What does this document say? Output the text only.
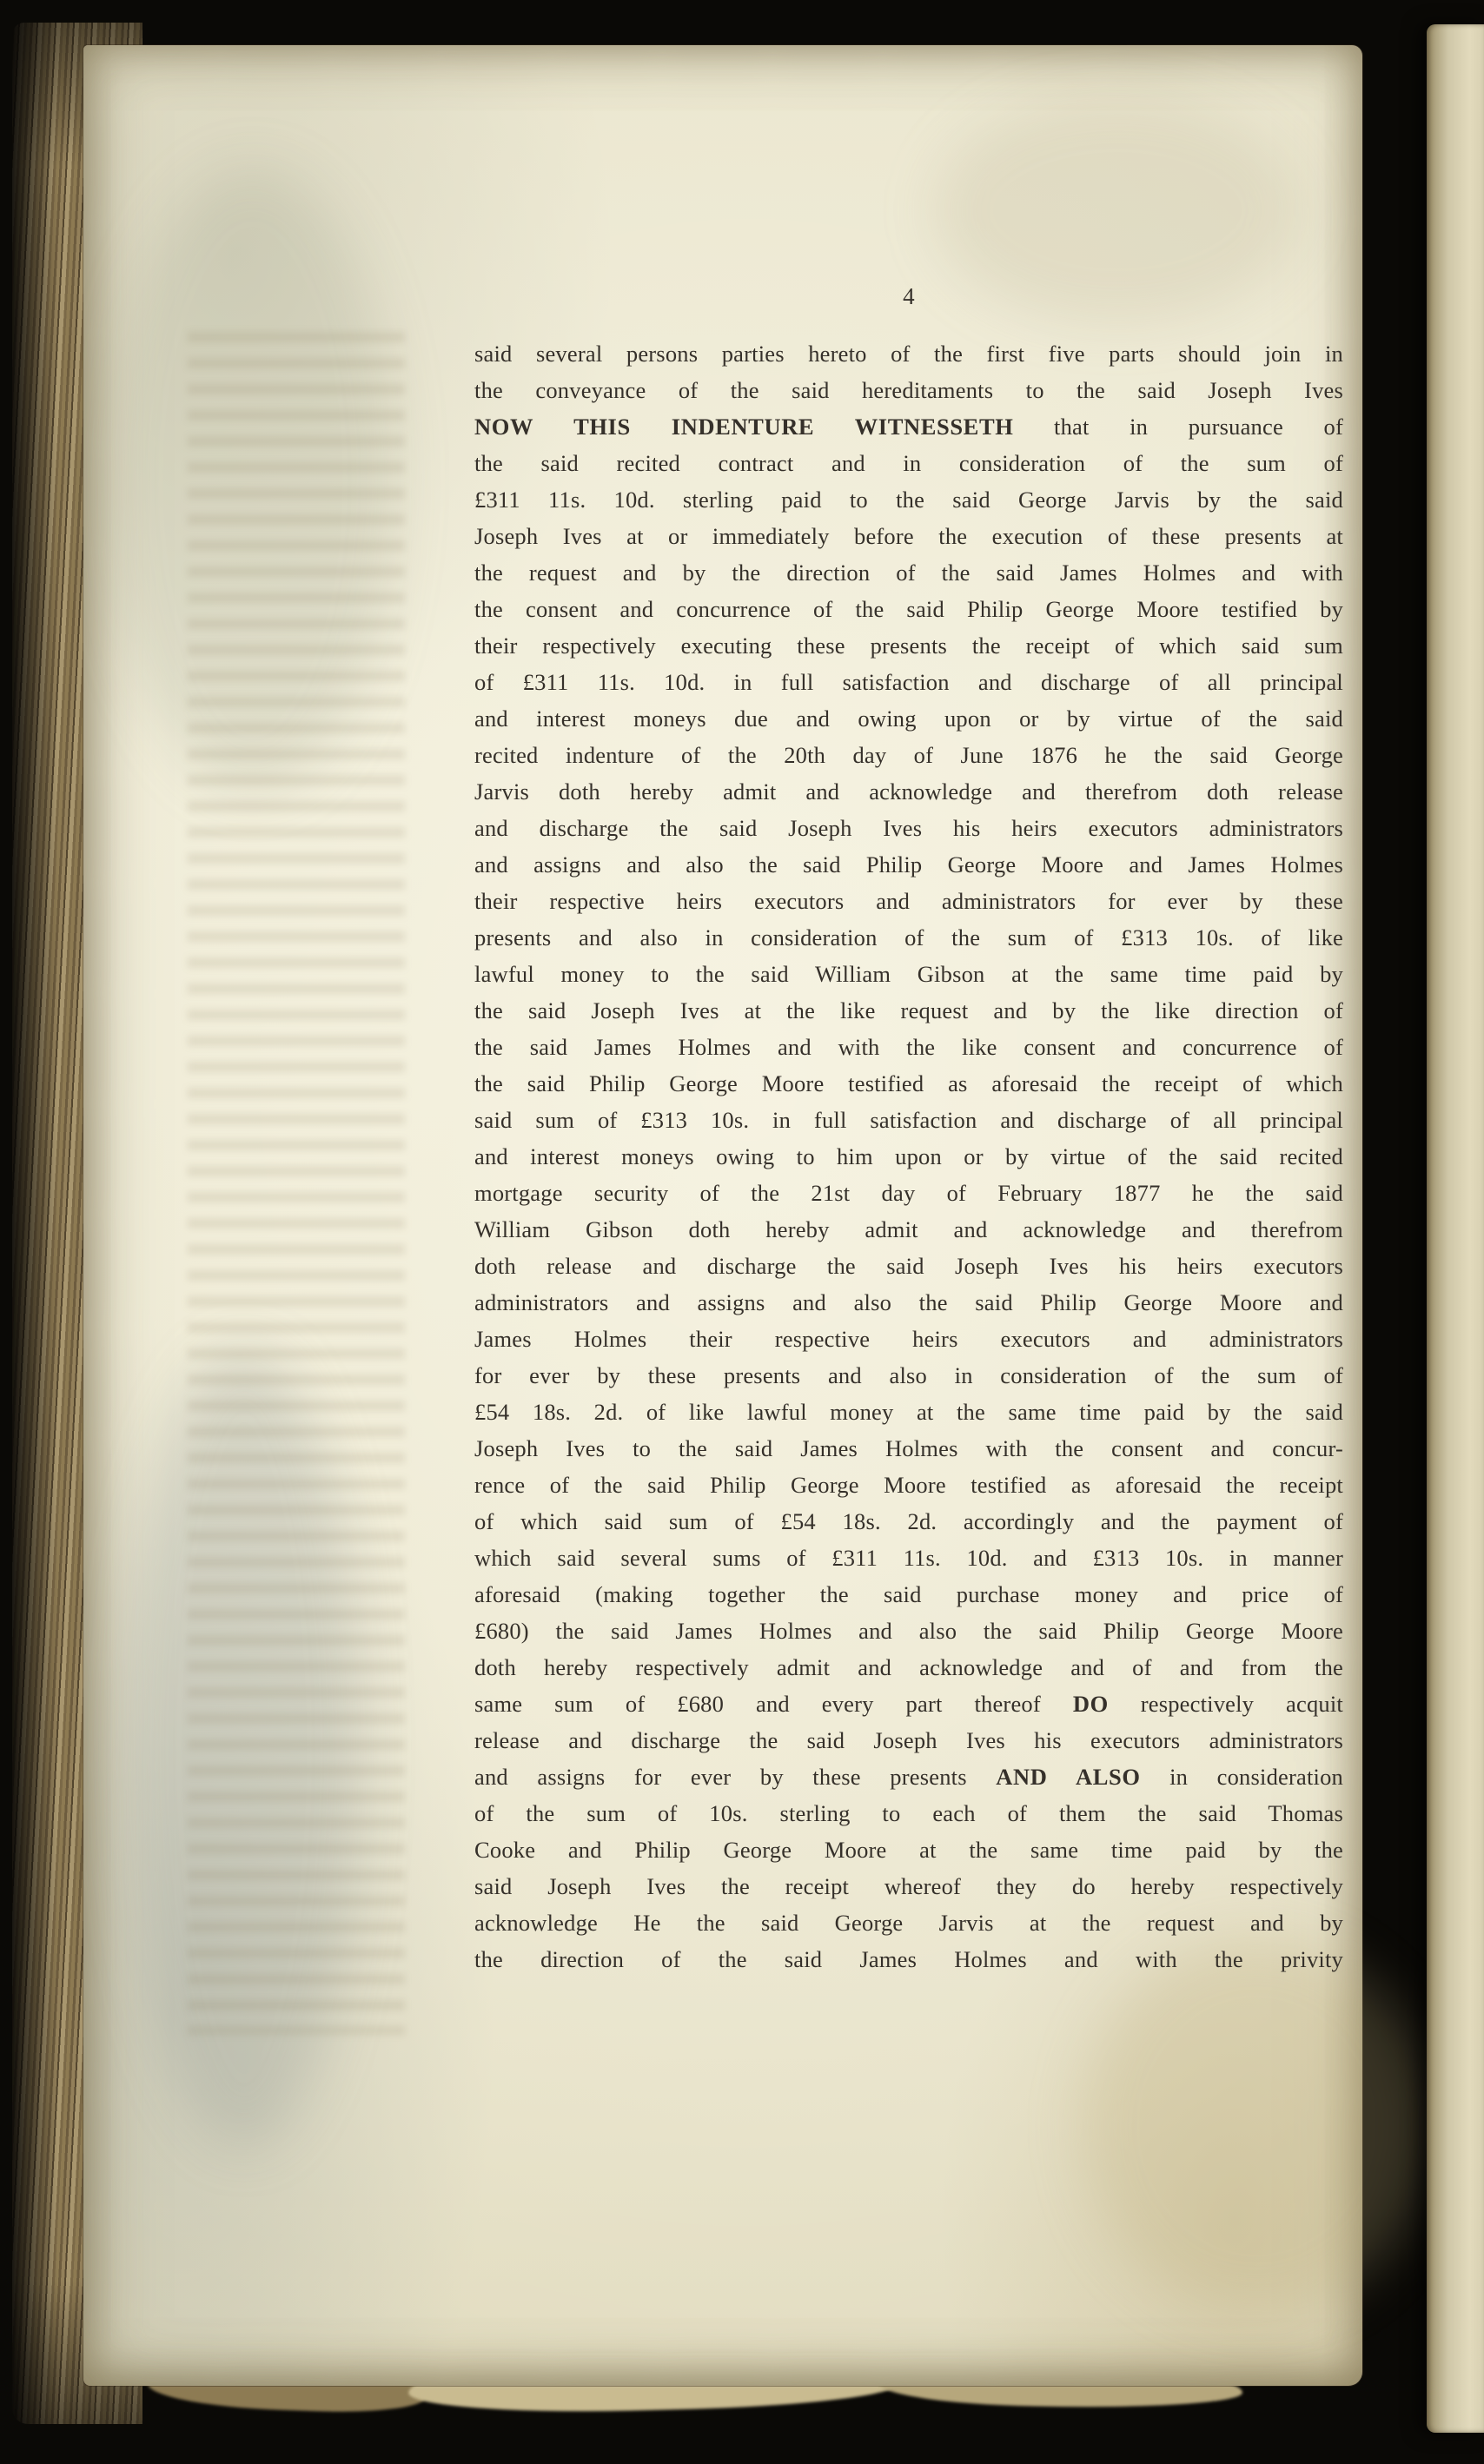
4
said several persons parties hereto of the first five parts should join in
the conveyance of the said hereditaments to the said Joseph Ives
NOW THIS INDENTURE WITNESSETH that in pursuance of
the said recited contract and in consideration of the sum of
£311 11s. 10d. sterling paid to the said George Jarvis by the said
Joseph Ives at or immediately before the execution of these presents at
the request and by the direction of the said James Holmes and with
the consent and concurrence of the said Philip George Moore testified by
their respectively executing these presents the receipt of which said sum
of £311 11s. 10d. in full satisfaction and discharge of all principal
and interest moneys due and owing upon or by virtue of the said
recited indenture of the 20th day of June 1876 he the said George
Jarvis doth hereby admit and acknowledge and therefrom doth release
and discharge the said Joseph Ives his heirs executors administrators
and assigns and also the said Philip George Moore and James Holmes
their respective heirs executors and administrators for ever by these
presents and also in consideration of the sum of £313 10s. of like
lawful money to the said William Gibson at the same time paid by
the said Joseph Ives at the like request and by the like direction of
the said James Holmes and with the like consent and concurrence of
the said Philip George Moore testified as aforesaid the receipt of which
said sum of £313 10s. in full satisfaction and discharge of all principal
and interest moneys owing to him upon or by virtue of the said recited
mortgage security of the 21st day of February 1877 he the said
William Gibson doth hereby admit and acknowledge and therefrom
doth release and discharge the said Joseph Ives his heirs executors
administrators and assigns and also the said Philip George Moore and
James Holmes their respective heirs executors and administrators
for ever by these presents and also in consideration of the sum of
£54 18s. 2d. of like lawful money at the same time paid by the said
Joseph Ives to the said James Holmes with the consent and concur-
rence of the said Philip George Moore testified as aforesaid the receipt
of which said sum of £54 18s. 2d. accordingly and the payment of
which said several sums of £311 11s. 10d. and £313 10s. in manner
aforesaid (making together the said purchase money and price of
£680) the said James Holmes and also the said Philip George Moore
doth hereby respectively admit and acknowledge and of and from the
same sum of £680 and every part thereof DO respectively acquit
release and discharge the said Joseph Ives his executors administrators
and assigns for ever by these presents AND ALSO in consideration
of the sum of 10s. sterling to each of them the said Thomas
Cooke and Philip George Moore at the same time paid by the
said Joseph Ives the receipt whereof they do hereby respectively
acknowledge He the said George Jarvis at the request and by
the direction of the said James Holmes and with the privity
